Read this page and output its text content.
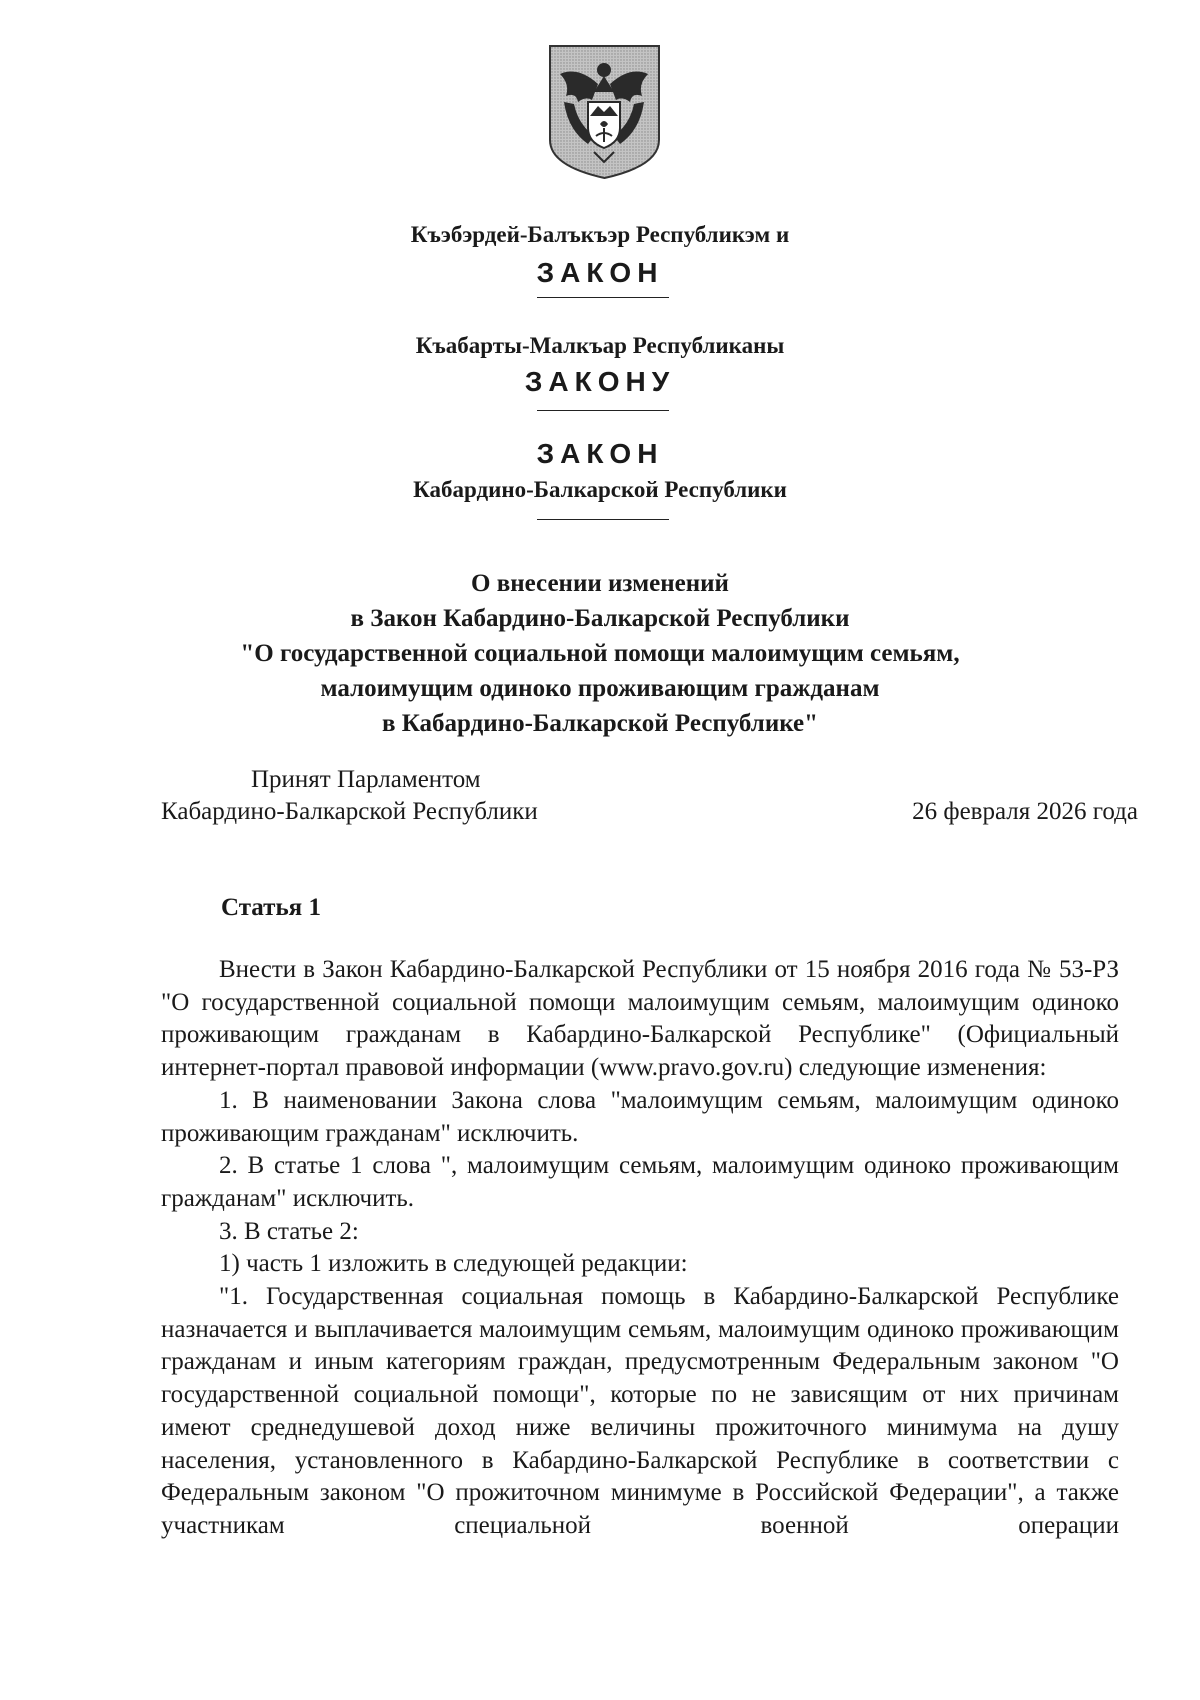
Къэбэрдей-Балъкъэр Республикэм и
ЗАКОН
Къабарты-Малкъар Республиканы
ЗАКОНУ
ЗАКОН
Кабардино-Балкарской Республики
О внесении изменений
в Закон Кабардино-Балкарской Республики
"О государственной социальной помощи малоимущим семьям,
малоимущим одиноко проживающим гражданам
в Кабардино-Балкарской Республике"
Принят Парламентом
Кабардино-Балкарской Республики	26 февраля 2026 года
Статья 1

Внести в Закон Кабардино-Балкарской Республики от 15 ноября 2016 года № 53-РЗ "О государственной социальной помощи малоимущим семьям, малоимущим одиноко проживающим гражданам в Кабардино-Балкарской Республике" (Официальный интернет-портал правовой информации (www.pravo.gov.ru) следующие изменения:

1. В наименовании Закона слова "малоимущим семьям, малоимущим одиноко проживающим гражданам" исключить.

2. В статье 1 слова ", малоимущим семьям, малоимущим одиноко проживающим гражданам" исключить.

3. В статье 2:

1) часть 1 изложить в следующей редакции:

"1. Государственная социальная помощь в Кабардино-Балкарской Республике назначается и выплачивается малоимущим семьям, малоимущим одиноко проживающим гражданам и иным категориям граждан, предусмотренным Федеральным законом "О государственной социальной помощи", которые по не зависящим от них причинам имеют среднедушевой доход ниже величины прожиточного минимума на душу населения, установленного в Кабардино-Балкарской Республике в соответствии с Федеральным законом "О прожиточном минимуме в Российской Федерации", а также участникам специальной военной операции
